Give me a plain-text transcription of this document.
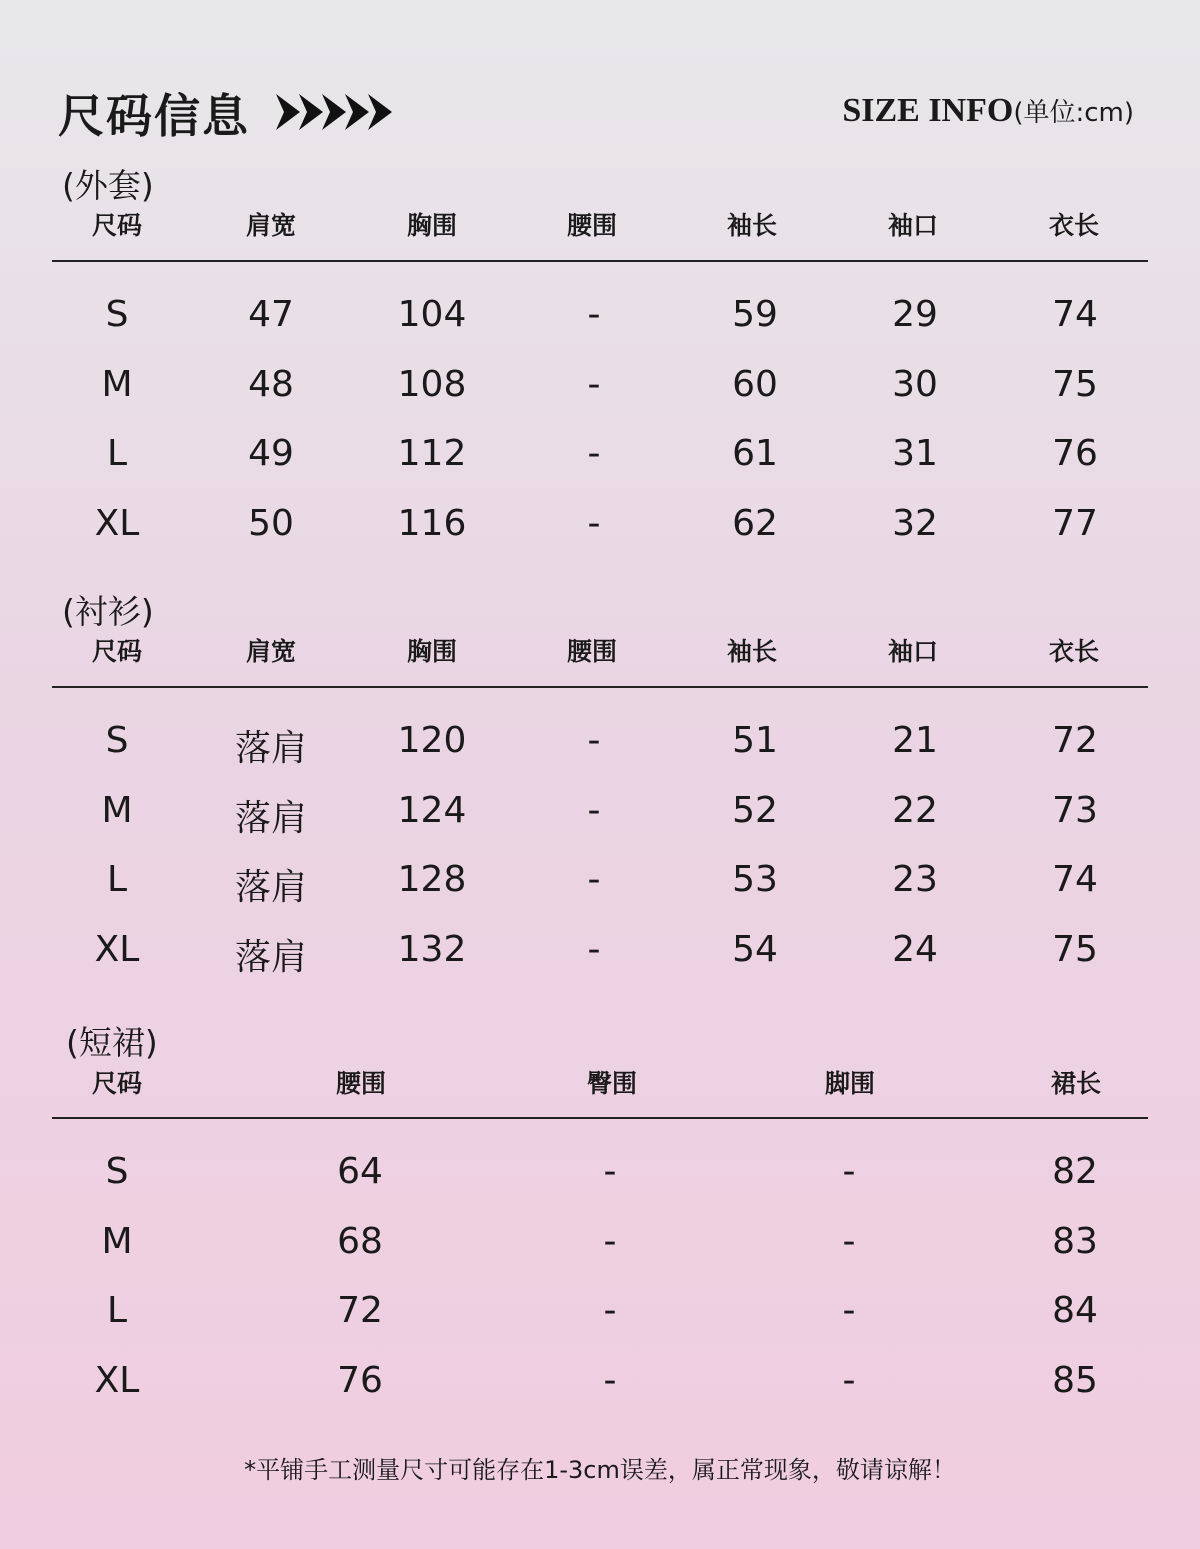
尺码信息	SIZE INFO(单位:cm)
(外套)
尺码	肩宽	胸围	腰围	袖长	袖口	衣长
S	47	104	-	59	29	74
M	48	108	-	60	30	75
L	49	112	-	61	31	76
XL	50	116	-	62	32	77
(衬衫)
尺码	肩宽	胸围	腰围	袖长	袖口	衣长
S	落肩	120	-	51	21	72
M	落肩	124	-	52	22	73
L	落肩	128	-	53	23	74
XL	落肩	132	-	54	24	75
(短裙)
尺码	腰围	臀围	脚围	裙长
S	64	-	-	82
M	68	-	-	83
L	72	-	-	84
XL	76	-	-	85
*平铺手工测量尺寸可能存在1-3cm误差，属正常现象，敬请谅解！
